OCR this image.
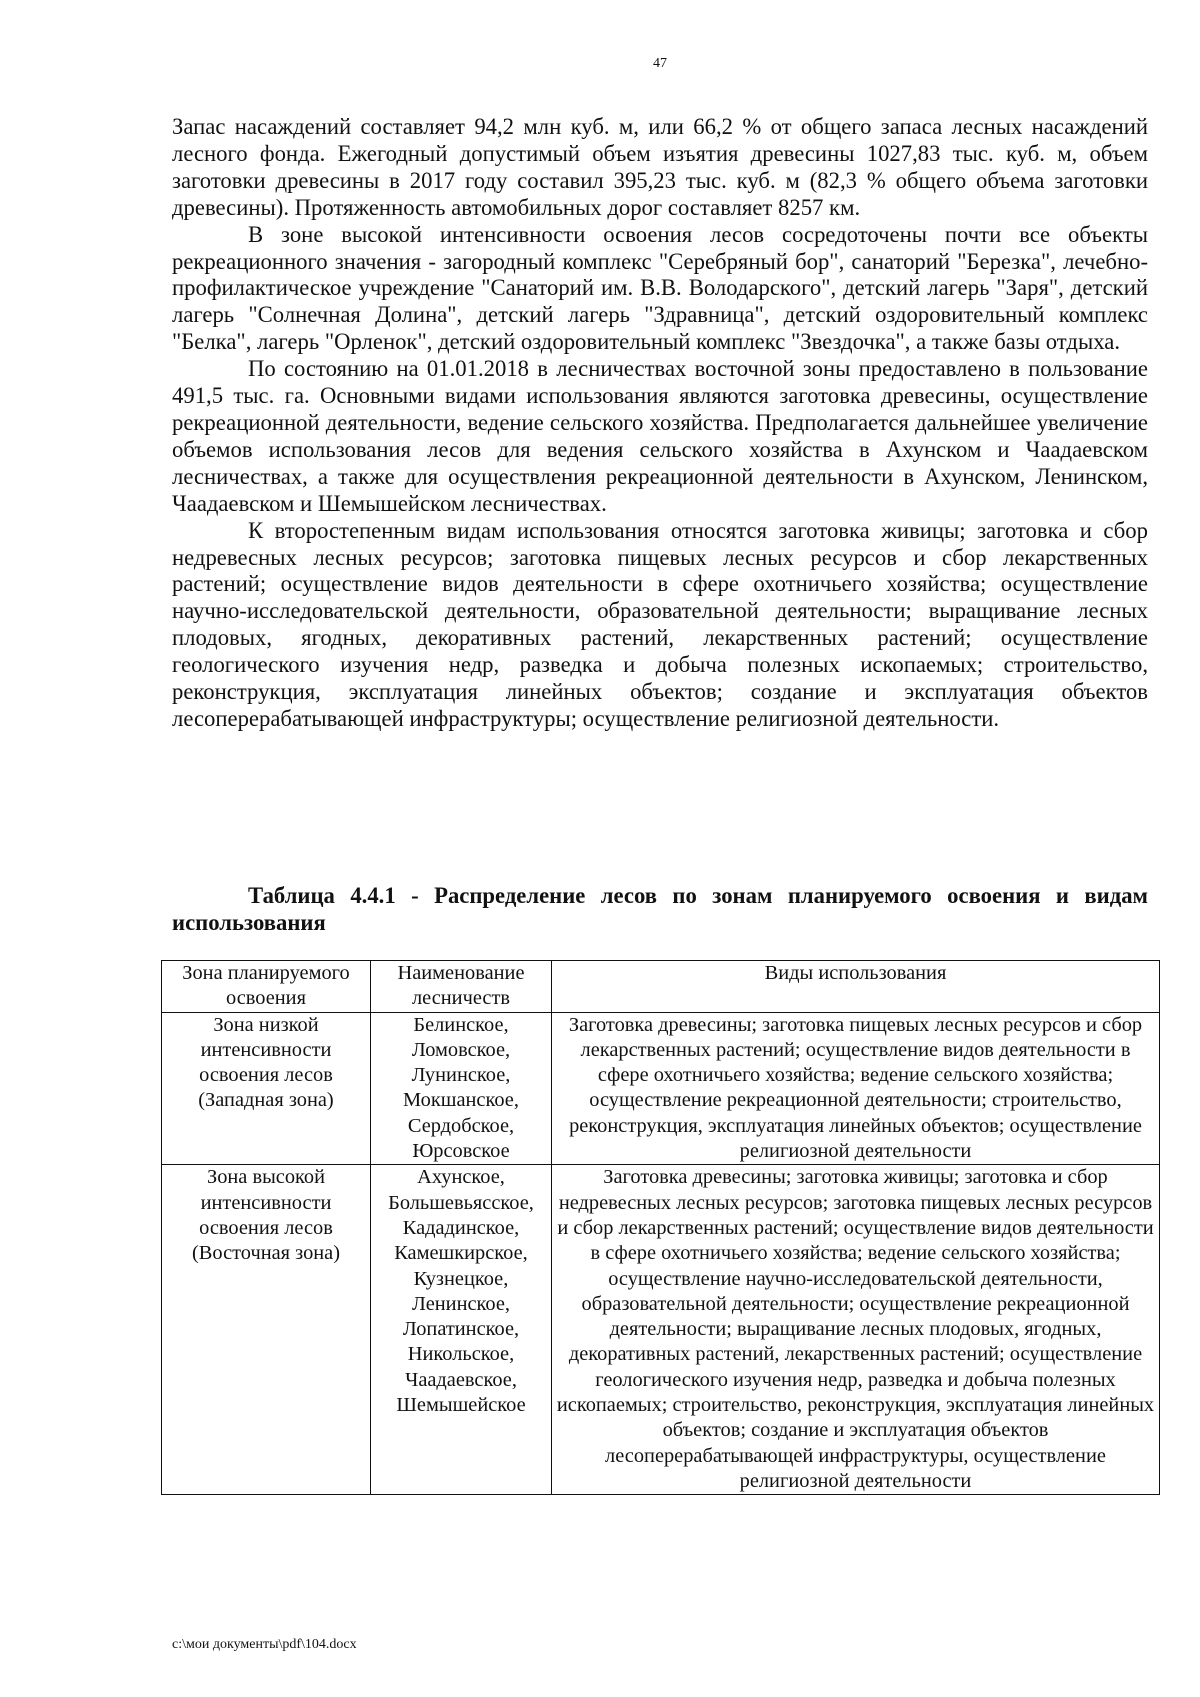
47

Запас насаждений составляет 94,2 млн куб. м, или 66,2 % от общего запаса лесных насаждений лесного фонда. Ежегодный допустимый объем изъятия древесины 1027,83 тыс. куб. м, объем заготовки древесины в 2017 году составил 395,23 тыс. куб. м (82,3 % общего объема заготовки древесины). Протяженность автомобильных дорог составляет 8257 км.

В зоне высокой интенсивности освоения лесов сосредоточены почти все объекты рекреационного значения - загородный комплекс "Серебряный бор", санаторий "Березка", лечебно-профилактическое учреждение "Санаторий им. В.В. Володарского", детский лагерь "Заря", детский лагерь "Солнечная Долина", детский лагерь "Здравница", детский оздоровительный комплекс "Белка", лагерь "Орленок", детский оздоровительный комплекс "Звездочка", а также базы отдыха.

По состоянию на 01.01.2018 в лесничествах восточной зоны предоставлено в пользование 491,5 тыс. га. Основными видами использования являются заготовка древесины, осуществление рекреационной деятельности, ведение сельского хозяйства. Предполагается дальнейшее увеличение объемов использования лесов для ведения сельского хозяйства в Ахунском и Чаадаевском лесничествах, а также для осуществления рекреационной деятельности в Ахунском, Ленинском, Чаадаевском и Шемышейском лесничествах.

К второстепенным видам использования относятся заготовка живицы; заготовка и сбор недревесных лесных ресурсов; заготовка пищевых лесных ресурсов и сбор лекарственных растений; осуществление видов деятельности в сфере охотничьего хозяйства; осуществление научно-исследовательской деятельности, образовательной деятельности; выращивание лесных плодовых, ягодных, декоративных растений, лекарственных растений; осуществление геологического изучения недр, разведка и добыча полезных ископаемых; строительство, реконструкция, эксплуатация линейных объектов; создание и эксплуатация объектов лесоперерабатывающей инфраструктуры; осуществление религиозной деятельности.

Таблица 4.4.1 - Распределение лесов по зонам планируемого освоения и видам использования

Зона планируемого освоения	Наименование лесничеств	Виды использования
Зона низкой интенсивности освоения лесов (Западная зона)	Белинское, Ломовское, Лунинское, Мокшанское, Сердобское, Юрсовское	Заготовка древесины; заготовка пищевых лесных ресурсов и сбор лекарственных растений; осуществление видов деятельности в сфере охотничьего хозяйства; ведение сельского хозяйства; осуществление рекреационной деятельности; строительство, реконструкция, эксплуатация линейных объектов; осуществление религиозной деятельности
Зона высокой интенсивности освоения лесов (Восточная зона)	Ахунское, Большевьясское, Кададинское, Камешкирское, Кузнецкое, Ленинское, Лопатинское, Никольское, Чаадаевское, Шемышейское	Заготовка древесины; заготовка живицы; заготовка и сбор недревесных лесных ресурсов; заготовка пищевых лесных ресурсов и сбор лекарственных растений; осуществление видов деятельности в сфере охотничьего хозяйства; ведение сельского хозяйства; осуществление научно-исследовательской деятельности, образовательной деятельности; осуществление рекреационной деятельности; выращивание лесных плодовых, ягодных, декоративных растений, лекарственных растений; осуществление геологического изучения недр, разведка и добыча полезных ископаемых; строительство, реконструкция, эксплуатация линейных объектов; создание и эксплуатация объектов лесоперерабатывающей инфраструктуры, осуществление религиозной деятельности
c:\мои документы\pdf\104.docx
